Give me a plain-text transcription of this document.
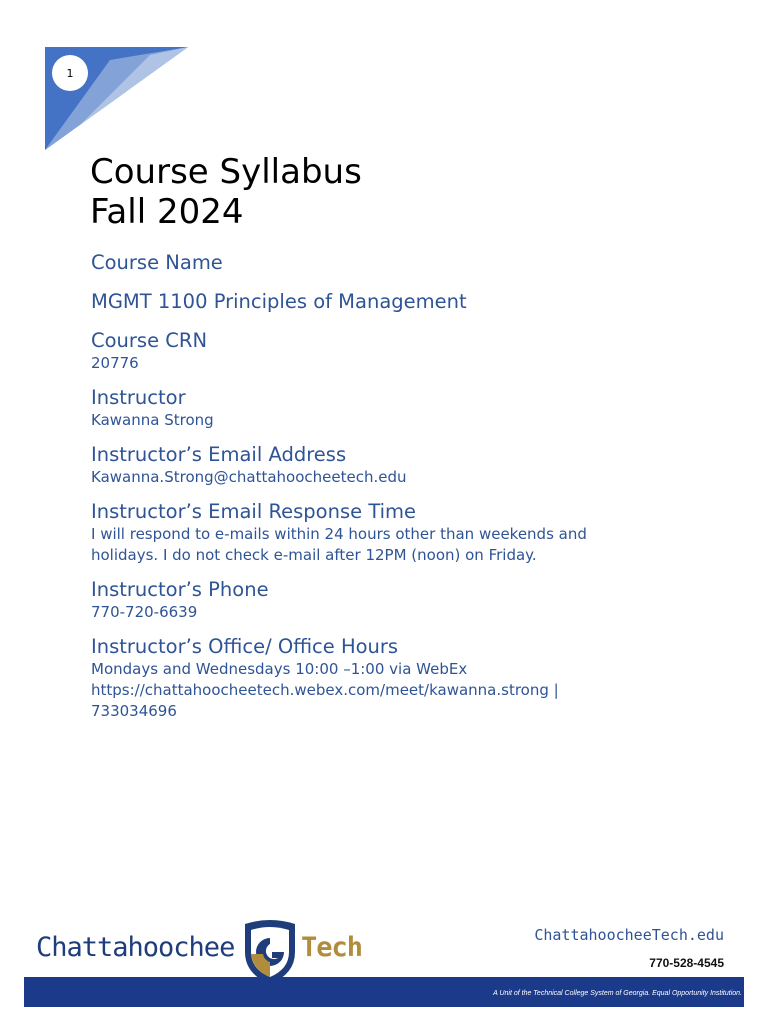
1
Course Syllabus
Fall 2024

Course Name

MGMT 1100 Principles of Management

Course CRN

20776

Instructor

Kawanna Strong

Instructor’s Email Address

Kawanna.Strong@chattahoocheetech.edu

Instructor’s Email Response Time

I will respond to e-mails within 24 hours other than weekends and

holidays. I do not check e-mail after 12PM (noon) on Friday.

Instructor’s Phone

770-720-6639

Instructor’s Office/ Office Hours

Mondays and Wednesdays 10:00 –1:00 via WebEx

https://chattahoocheetech.webex.com/meet/kawanna.strong |

733034696

Chattahoochee Tech	ChattahoocheeTech.edu
770-528-4545
A Unit of the Technical College System of Georgia. Equal Opportunity Institution.
